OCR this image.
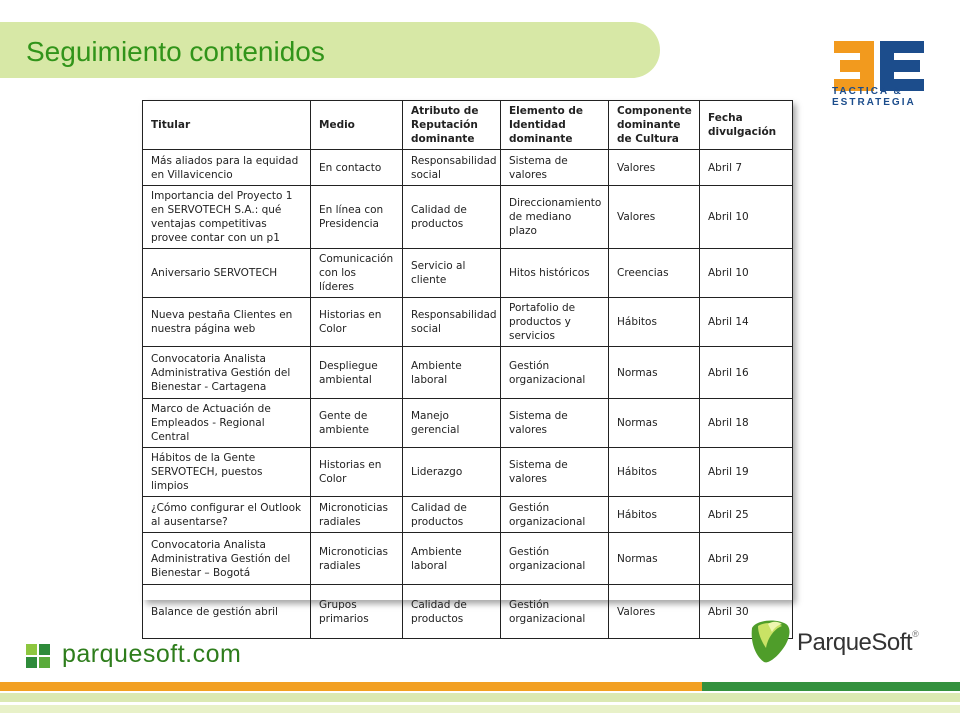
Seguimiento contenidos
TACTICA &
ESTRATEGIA
Titular	Medio	Atributo de Reputación dominante	Elemento de Identidad dominante	Componente dominante de Cultura	Fecha divulgación
Más aliados para la equidad en Villavicencio	En contacto	Responsabilidad social	Sistema de valores	Valores	Abril 7
Importancia del Proyecto 1 en SERVOTECH S.A.: qué ventajas competitivas provee contar con un p1	En línea con Presidencia	Calidad de productos	Direccionamiento de mediano plazo	Valores	Abril 10
Aniversario SERVOTECH	Comunicación con los líderes	Servicio al cliente	Hitos históricos	Creencias	Abril 10
Nueva pestaña Clientes en nuestra página web	Historias en Color	Responsabilidad social	Portafolio de productos y servicios	Hábitos	Abril 14
Convocatoria Analista Administrativa Gestión del Bienestar - Cartagena	Despliegue ambiental	Ambiente laboral	Gestión organizacional	Normas	Abril 16
Marco de Actuación de Empleados - Regional Central	Gente de ambiente	Manejo gerencial	Sistema de valores	Normas	Abril 18
Hábitos de la Gente SERVOTECH, puestos limpios	Historias en Color	Liderazgo	Sistema de valores	Hábitos	Abril 19
¿Cómo configurar el Outlook al ausentarse?	Micronoticias radiales	Calidad de productos	Gestión organizacional	Hábitos	Abril 25
Convocatoria Analista Administrativa Gestión del Bienestar – Bogotá	Micronoticias radiales	Ambiente laboral	Gestión organizacional	Normas	Abril 29
Balance de gestión abril	Grupos primarios	Calidad de productos	Gestión organizacional	Valores	Abril 30
parquesoft.com	ParqueSoft®
